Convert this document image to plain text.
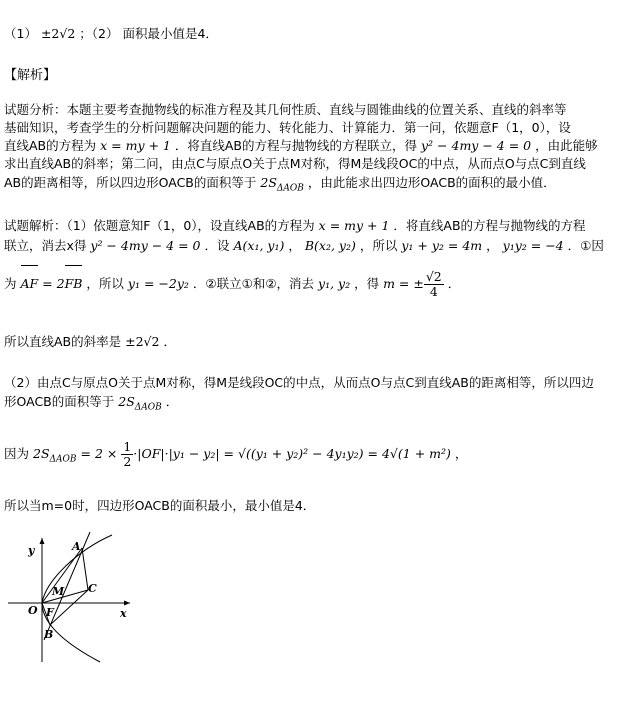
（1） ±2√2 ；（2） 面积最小值是4．
【解析】
试题分析：本题主要考查抛物线的标准方程及其几何性质、直线与圆锥曲线的位置关系、直线的斜率等
基础知识，考查学生的分析问题解决问题的能力、转化能力、计算能力．第一问，依题意F（1，0），设
直线AB的方程为 x = my + 1 ．将直线AB的方程与抛物线的方程联立，得 y² − 4my − 4 = 0 ，由此能够
求出直线AB的斜率；第二问，由点C与原点O关于点M对称，得M是线段OC的中点，从而点O与点C到直线
AB的距离相等，所以四边形OACB的面积等于 $2S_{\Delta AOB}$ ，由此能求出四边形OACB的面积的最小值．
试题解析：（1）依题意知F（1，0），设直线AB的方程为 x = my + 1 ．将直线AB的方程与抛物线的方程
联立，消去x得 y² − 4my − 4 = 0 ．设 A(x₁, y₁) ， B(x₂, y₂) ，所以 y₁ + y₂ = 4m ， y₁y₂ = −4 ．①因
为 AF = 2FB ，所以 y₁ = −2y₂ ．②联立①和②，消去 y₁, y₂ ，得 m = ± $\frac{√2}{4}$ ．
所以直线AB的斜率是 ±2√2 ．
（2）由点C与原点O关于点M对称，得M是线段OC的中点，从而点O与点C到直线AB的距离相等，所以四边
形OACB的面积等于 $2S_{\Delta AOB}$ ．
因为 $2S_{\Delta AOB} = 2 \times \frac{1}{2} \cdot|OF|\cdot|y_1 - y_2| = √((y_1 + y_2)^2 - 4y_1y_2) = 4√(1 + m^2)$ ，
所以当m=0时，四边形OACB的面积最小，最小值是4．
y
x
O F
A
B
M C
